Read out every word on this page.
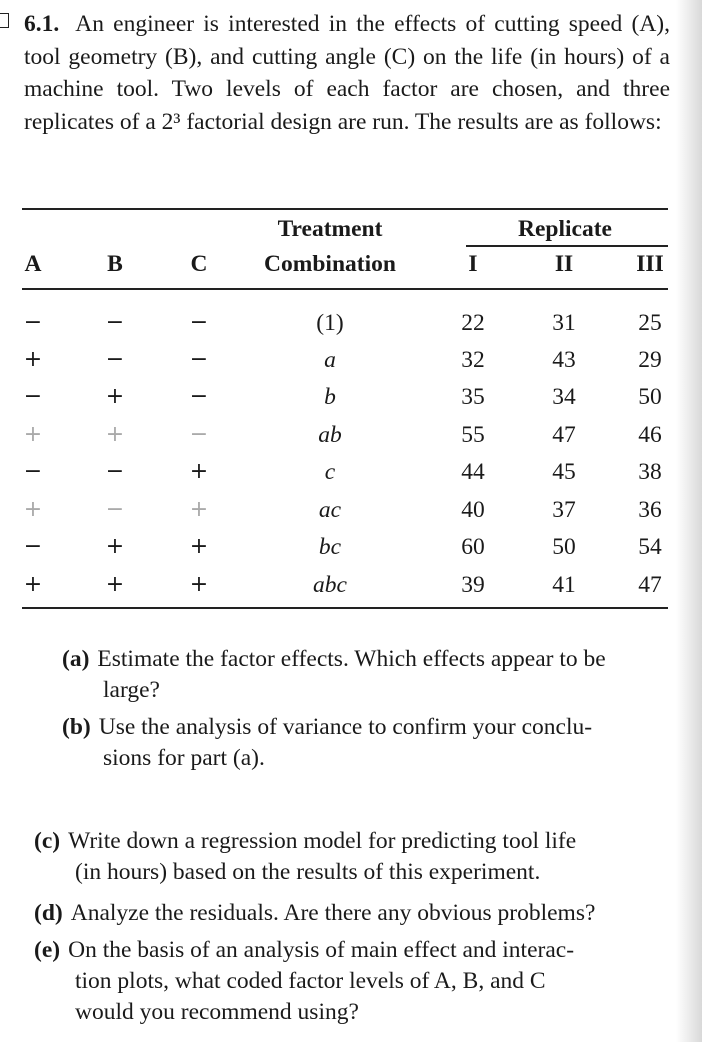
6.1. An engineer is interested in the effects of cutting speed (A), tool geometry (B), and cutting angle (C) on the life (in hours) of a machine tool. Two levels of each factor are chosen, and three replicates of a 2³ factorial design are run. The results are as follows:

Treatment	Replicate
A	B	C	Combination	I	II	III
−	−	−	(1)	22	31	25
+	−	−	a	32	43	29
−	+	−	b	35	34	50
+	+	−	ab	55	47	46
−	−	+	c	44	45	38
+	−	+	ac	40	37	36
−	+	+	bc	60	50	54
+	+	+	abc	39	41	47
(a) Estimate the factor effects. Which effects appear to be
large?
(b) Use the analysis of variance to confirm your conclu-
sions for part (a).
(c) Write down a regression model for predicting tool life
(in hours) based on the results of this experiment.
(d) Analyze the residuals. Are there any obvious problems?
(e) On the basis of an analysis of main effect and interac-
tion plots, what coded factor levels of A, B, and C
would you recommend using?
